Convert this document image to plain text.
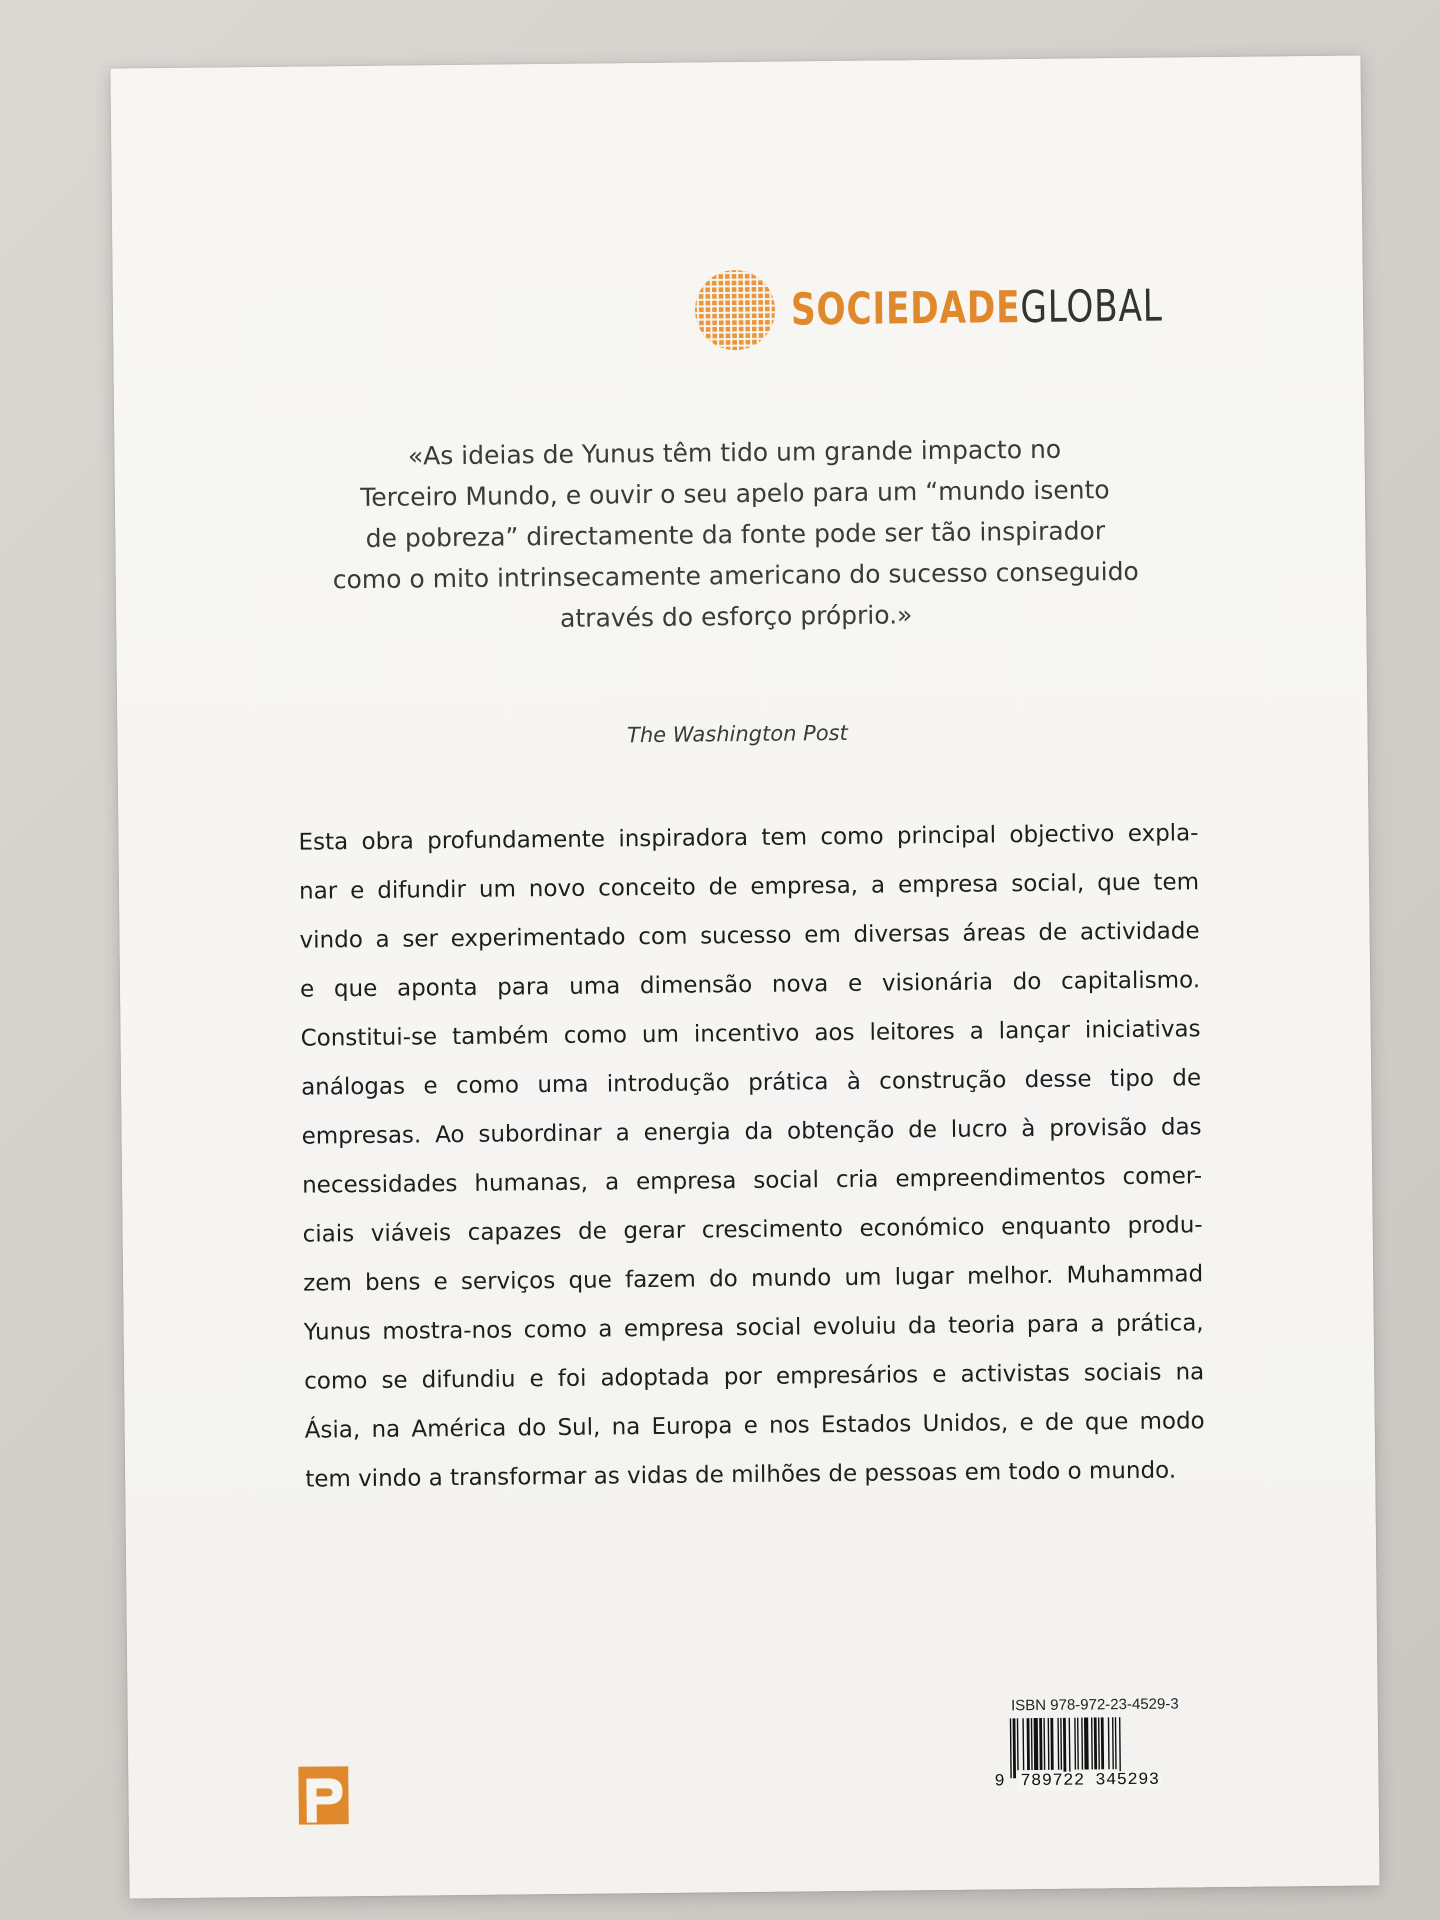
SOCIEDADEGLOBAL
«As ideias de Yunus têm tido um grande impacto no
Terceiro Mundo, e ouvir o seu apelo para um “mundo isento
de pobreza” directamente da fonte pode ser tão inspirador
como o mito intrinsecamente americano do sucesso conseguido
através do esforço próprio.»
The Washington Post
Esta obra profundamente inspiradora tem como principal objectivo expla-
nar e difundir um novo conceito de empresa, a empresa social, que tem
vindo a ser experimentado com sucesso em diversas áreas de actividade
e que aponta para uma dimensão nova e visionária do capitalismo.
Constitui-se também como um incentivo aos leitores a lançar iniciativas
análogas e como uma introdução prática à construção desse tipo de
empresas. Ao subordinar a energia da obtenção de lucro à provisão das
necessidades humanas, a empresa social cria empreendimentos comer-
ciais viáveis capazes de gerar crescimento económico enquanto produ-
zem bens e serviços que fazem do mundo um lugar melhor. Muhammad
Yunus mostra-nos como a empresa social evoluiu da teoria para a prática,
como se difundiu e foi adoptada por empresários e activistas sociais na
Ásia, na América do Sul, na Europa e nos Estados Unidos, e de que modo
tem vindo a transformar as vidas de milhões de pessoas em todo o mundo.
ISBN 978-972-23-4529-3
9 789722 345293
